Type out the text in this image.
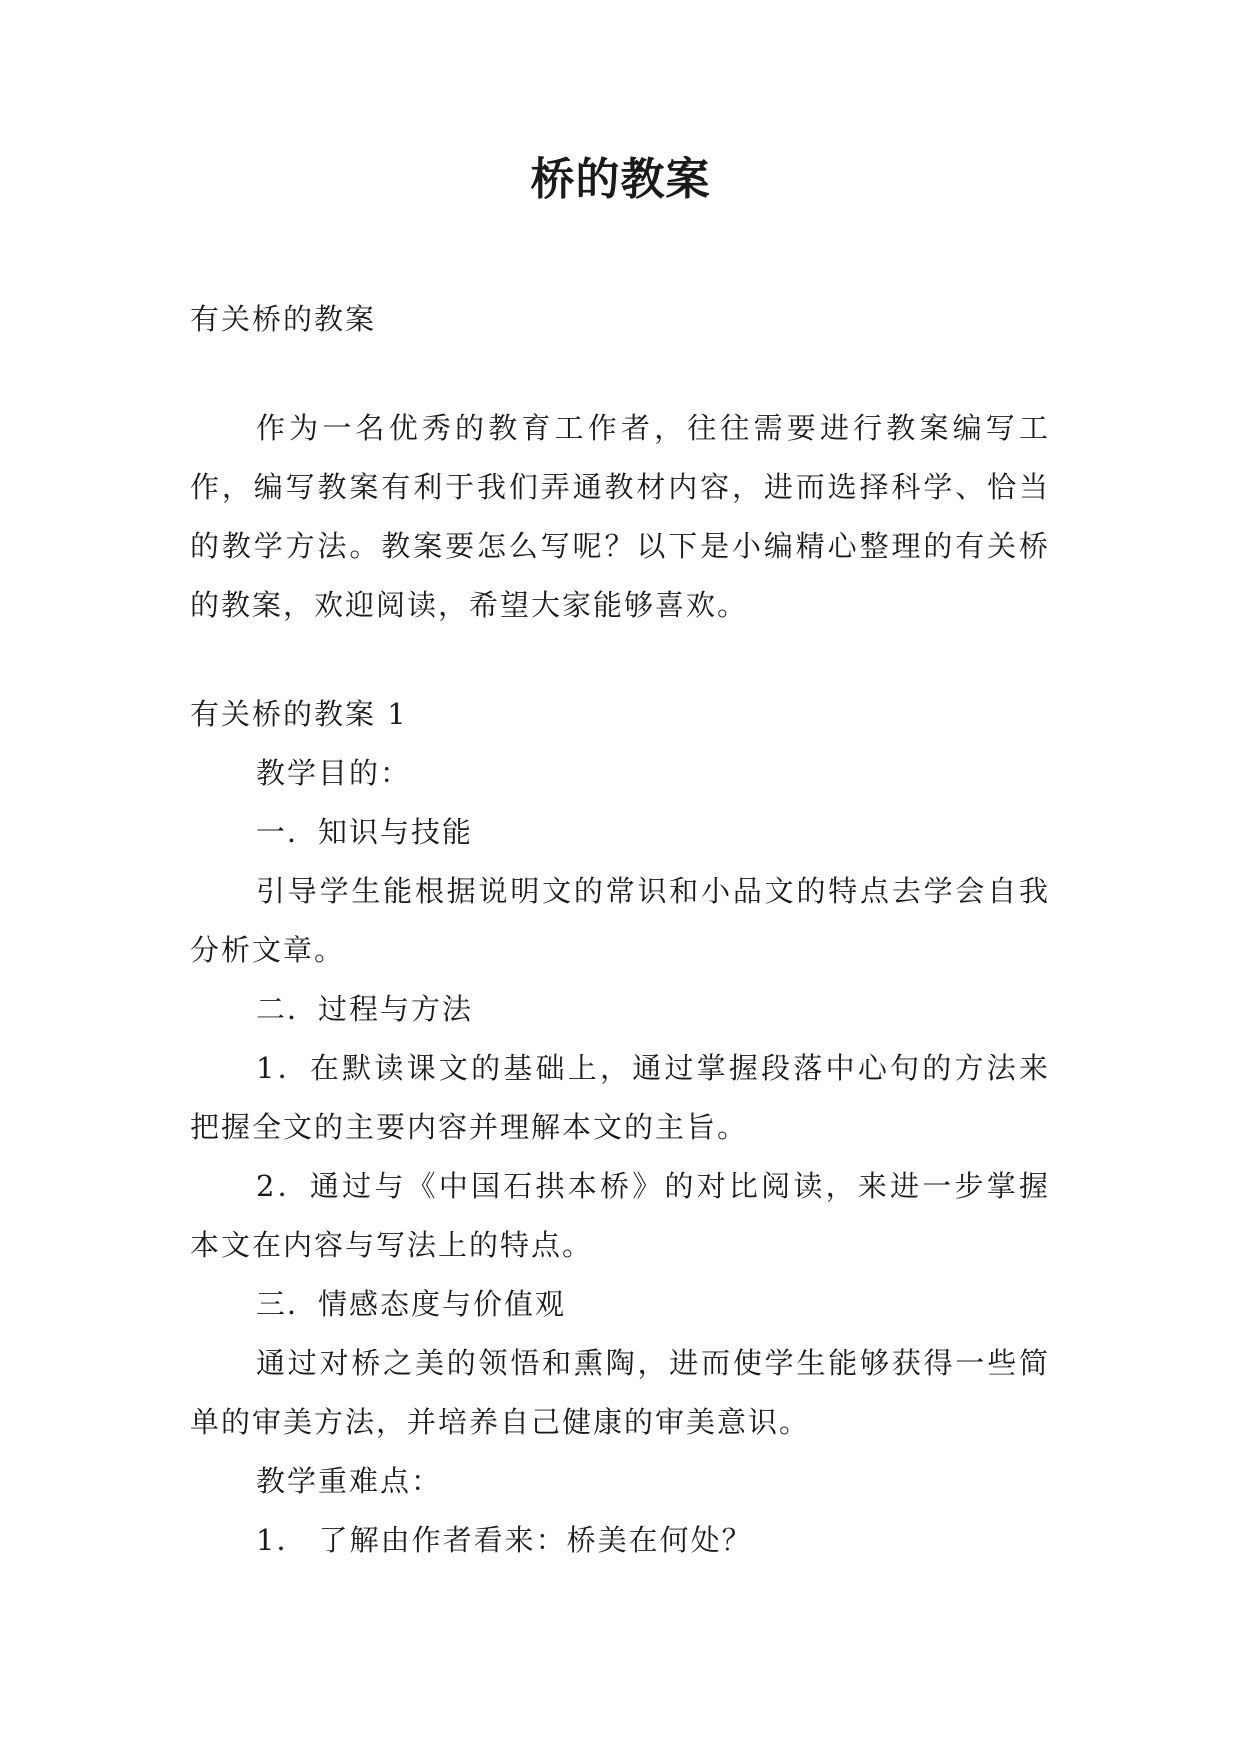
桥的教案

有关桥的教案

作为一名优秀的教育工作者，往往需要进行教案编写工作，编写教案有利于我们弄通教材内容，进而选择科学、恰当的教学方法。教案要怎么写呢？以下是小编精心整理的有关桥的教案，欢迎阅读，希望大家能够喜欢。

有关桥的教案 1

教学目的：

一．知识与技能

引导学生能根据说明文的常识和小品文的特点去学会自我分析文章。

二．过程与方法

1．在默读课文的基础上，通过掌握段落中心句的方法来把握全文的主要内容并理解本文的主旨。

2．通过与《中国石拱本桥》的对比阅读，来进一步掌握本文在内容与写法上的特点。

三．情感态度与价值观

通过对桥之美的领悟和熏陶，进而使学生能够获得一些简单的审美方法，并培养自己健康的审美意识。

教学重难点：

1． 了解由作者看来：桥美在何处？
